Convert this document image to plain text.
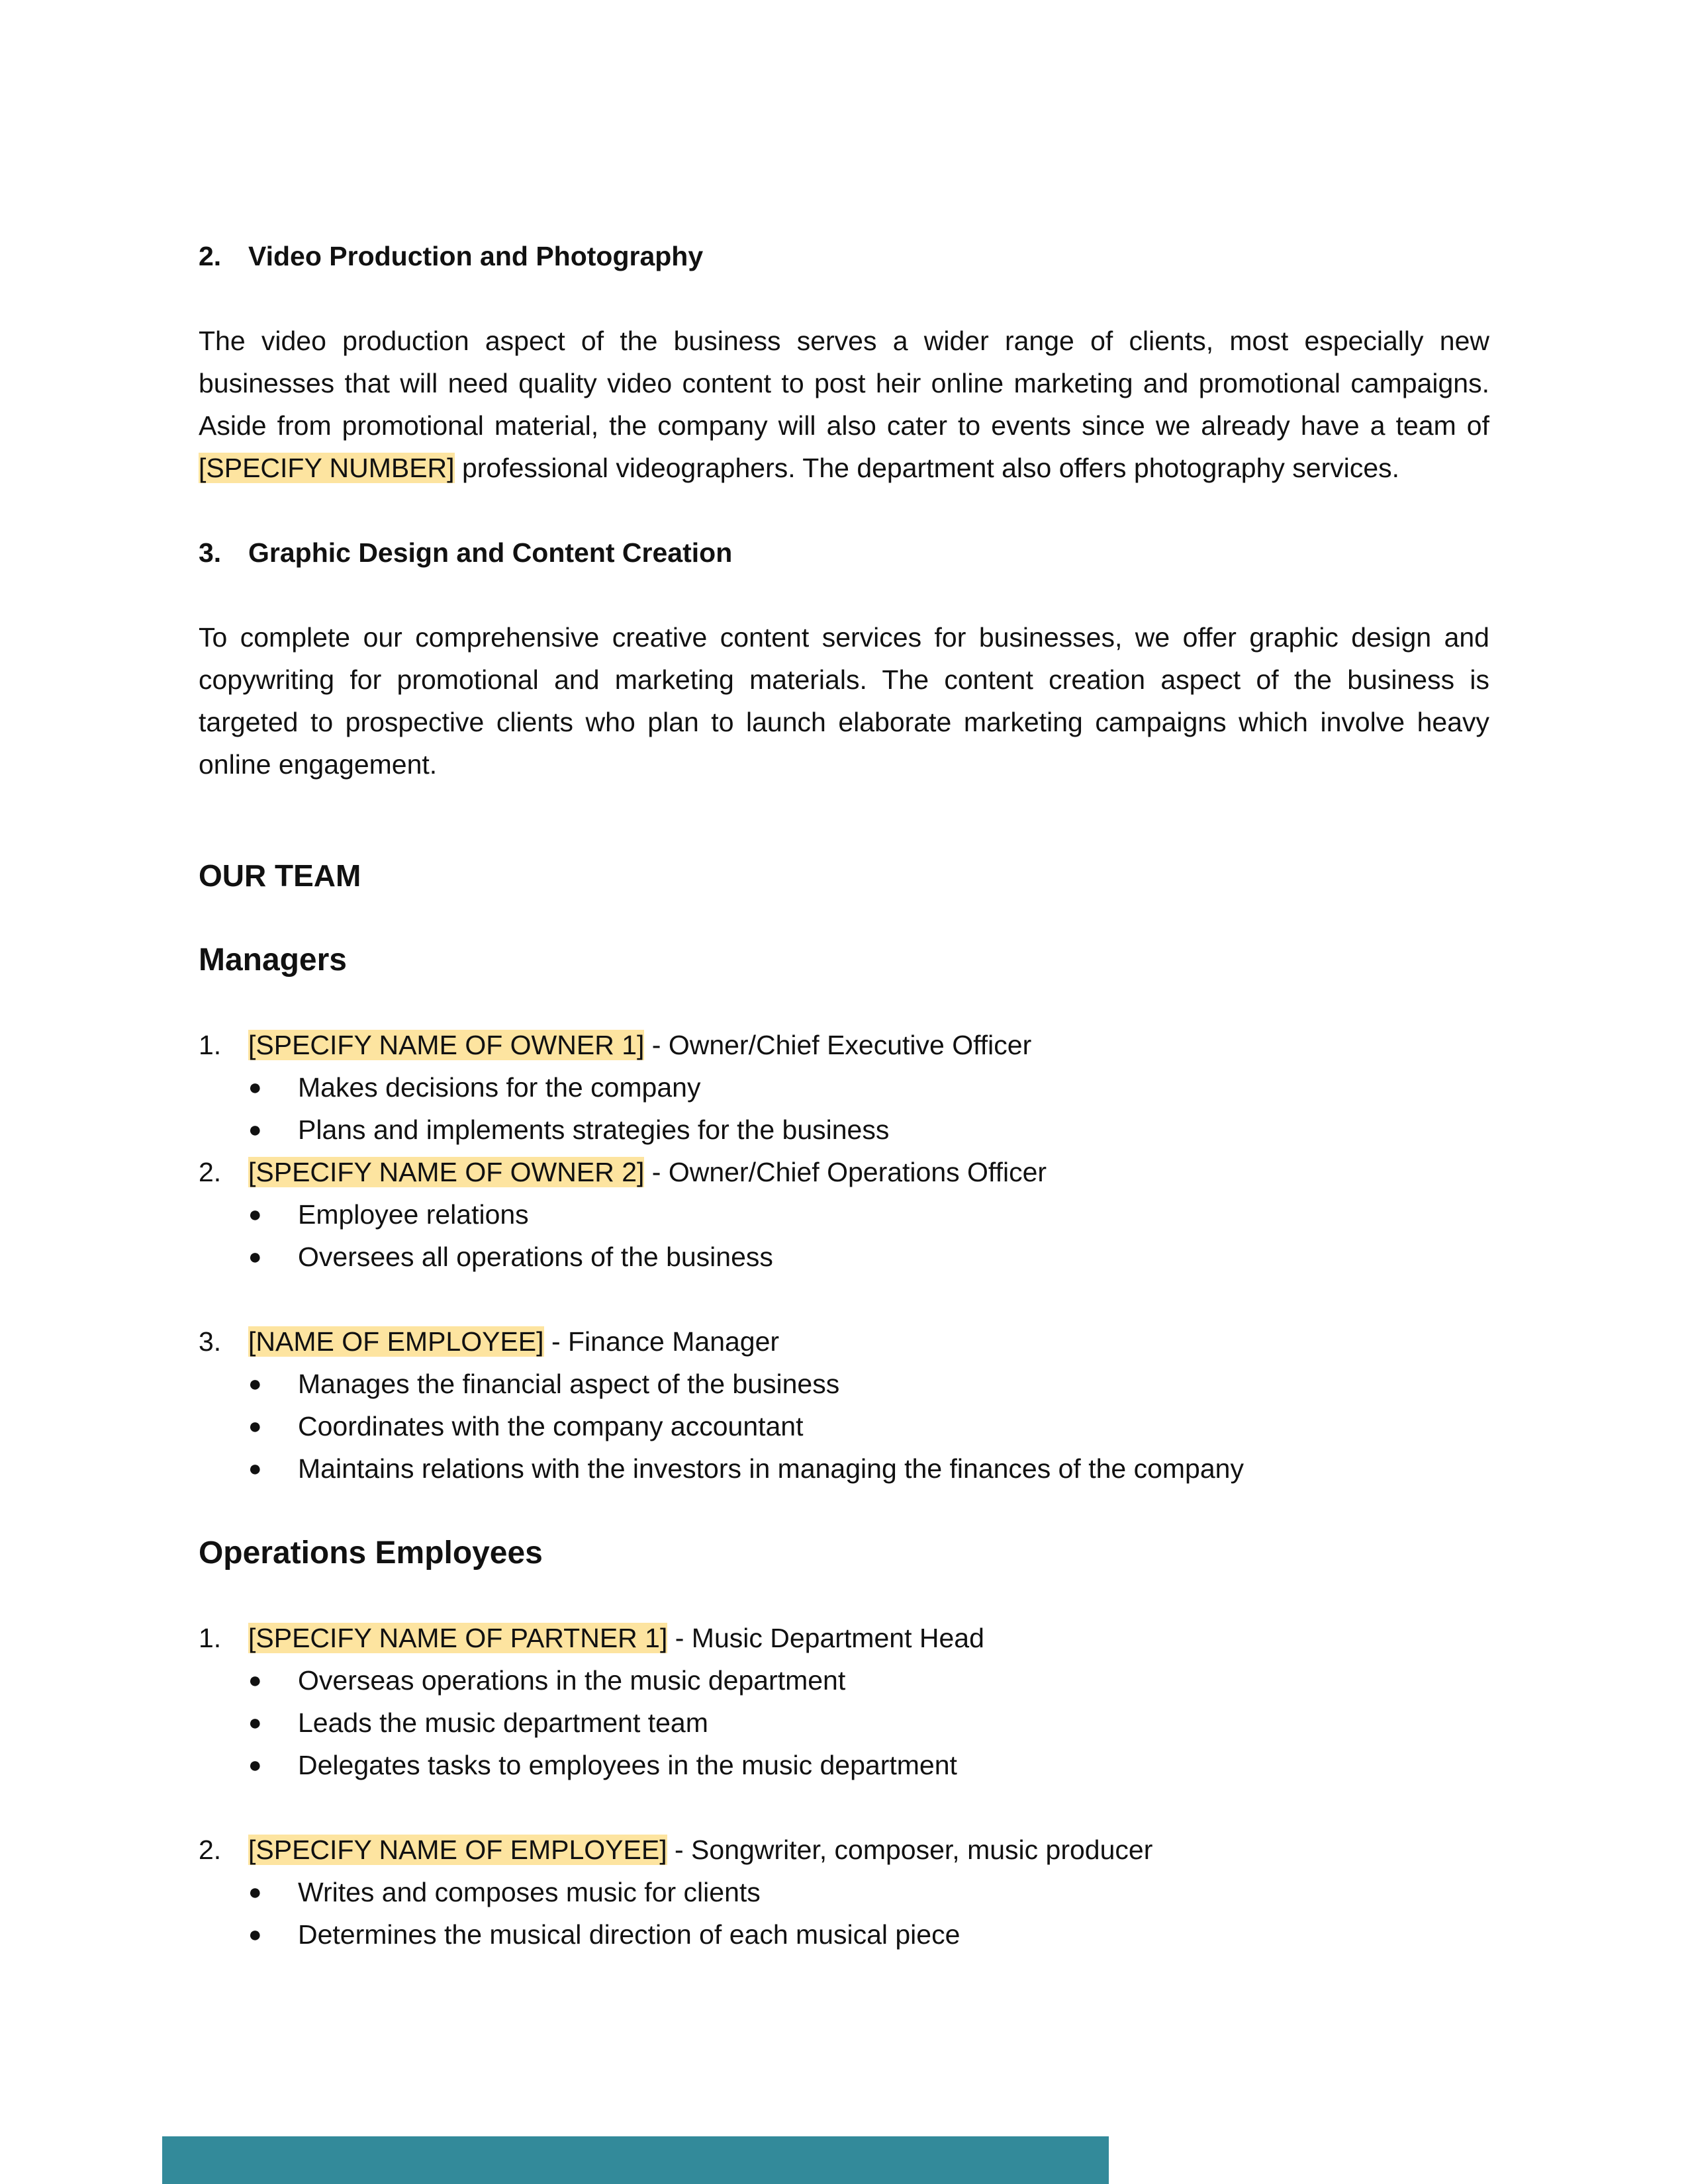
2. Video Production and Photography

The video production aspect of the business serves a wider range of clients, most especially new businesses that will need quality video content to post heir online marketing and promotional campaigns. Aside from promotional material, the company will also cater to events since we already have a team of [SPECIFY NUMBER] professional videographers. The department also offers photography services.

3. Graphic Design and Content Creation

To complete our comprehensive creative content services for businesses, we offer graphic design and copywriting for promotional and marketing materials. The content creation aspect of the business is targeted to prospective clients who plan to launch elaborate marketing campaigns which involve heavy online engagement.

OUR TEAM
Managers
1. [SPECIFY NAME OF OWNER 1] - Owner/Chief Executive Officer
●	Makes decisions for the company
●	Plans and implements strategies for the business
2. [SPECIFY NAME OF OWNER 2] - Owner/Chief Operations Officer
●	Employee relations
●	Oversees all operations of the business
3. [NAME OF EMPLOYEE] - Finance Manager
●	Manages the financial aspect of the business
●	Coordinates with the company accountant
●	Maintains relations with the investors in managing the finances of the company
Operations Employees
1. [SPECIFY NAME OF PARTNER 1] - Music Department Head
●	Overseas operations in the music department
●	Leads the music department team
●	Delegates tasks to employees in the music department
2. [SPECIFY NAME OF EMPLOYEE] - Songwriter, composer, music producer
●	Writes and composes music for clients
●	Determines the musical direction of each musical piece
